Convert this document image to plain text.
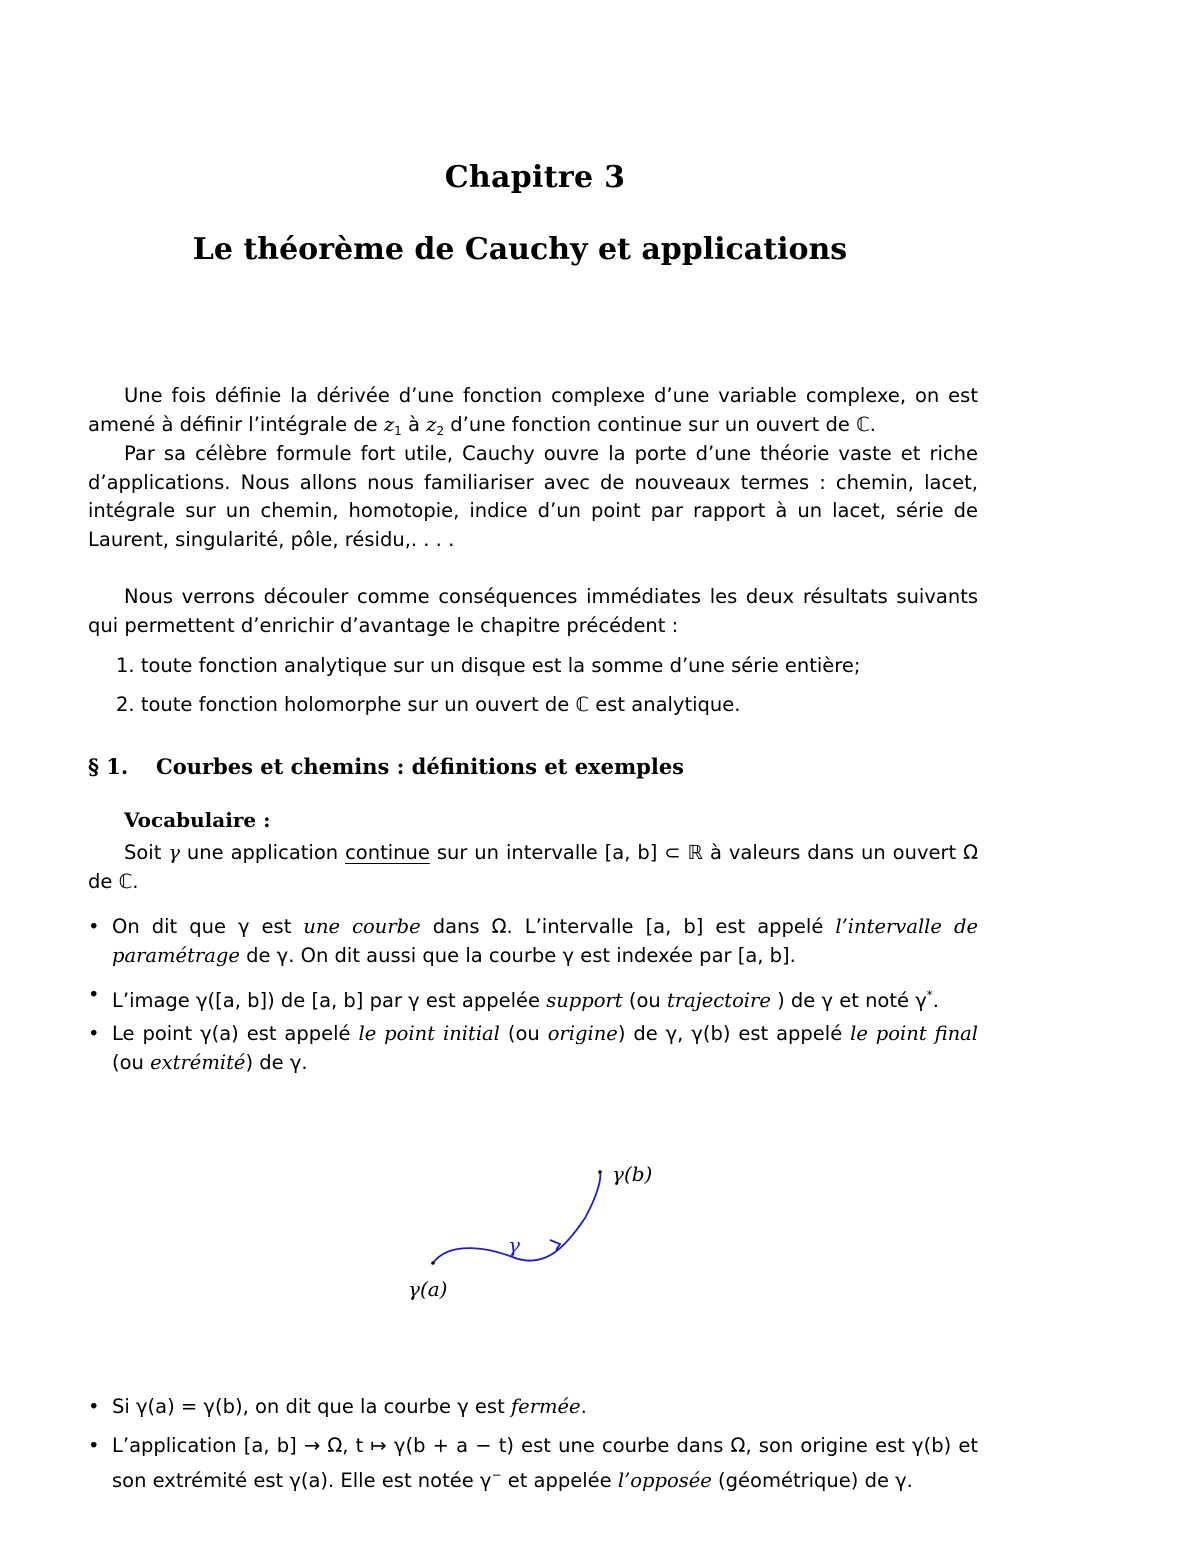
Chapitre 3
Le théorème de Cauchy et applications
Une fois définie la dérivée d’une fonction complexe d’une variable complexe, on est amené à définir l’intégrale de $z_1$ à $z_2$ d’une fonction continue sur un ouvert de ℂ.
Par sa célèbre formule fort utile, Cauchy ouvre la porte d’une théorie vaste et riche d’applications. Nous allons nous familiariser avec de nouveaux termes : chemin, lacet, intégrale sur un chemin, homotopie, indice d’un point par rapport à un lacet, série de Laurent, singularité, pôle, résidu,. . . .
Nous verrons découler comme conséquences immédiates les deux résultats suivants qui permettent d’enrichir d’avantage le chapitre précédent :
1. toute fonction analytique sur un disque est la somme d’une série entière;
2. toute fonction holomorphe sur un ouvert de ℂ est analytique.
§ 1. Courbes et chemins : définitions et exemples
Vocabulaire :
Soit γ une application continue sur un intervalle [a, b] ⊂ ℝ à valeurs dans un ouvert Ω de ℂ.
• On dit que γ est une courbe dans Ω. L’intervalle [a, b] est appelé l’intervalle de paramétrage de γ. On dit aussi que la courbe γ est indexée par [a, b].
• L’image γ([a, b]) de [a, b] par γ est appelée support (ou trajectoire ) de γ et noté γ*.
• Le point γ(a) est appelé le point initial (ou origine) de γ, γ(b) est appelé le point final (ou extrémité) de γ.
γ(b)
γ
γ(a)
• Si γ(a) = γ(b), on dit que la courbe γ est fermée.
• L’application [a, b] → Ω, t ↦ γ(b + a − t) est une courbe dans Ω, son origine est γ(b) et son extrémité est γ(a). Elle est notée γ− et appelée l’opposée (géométrique) de γ.
